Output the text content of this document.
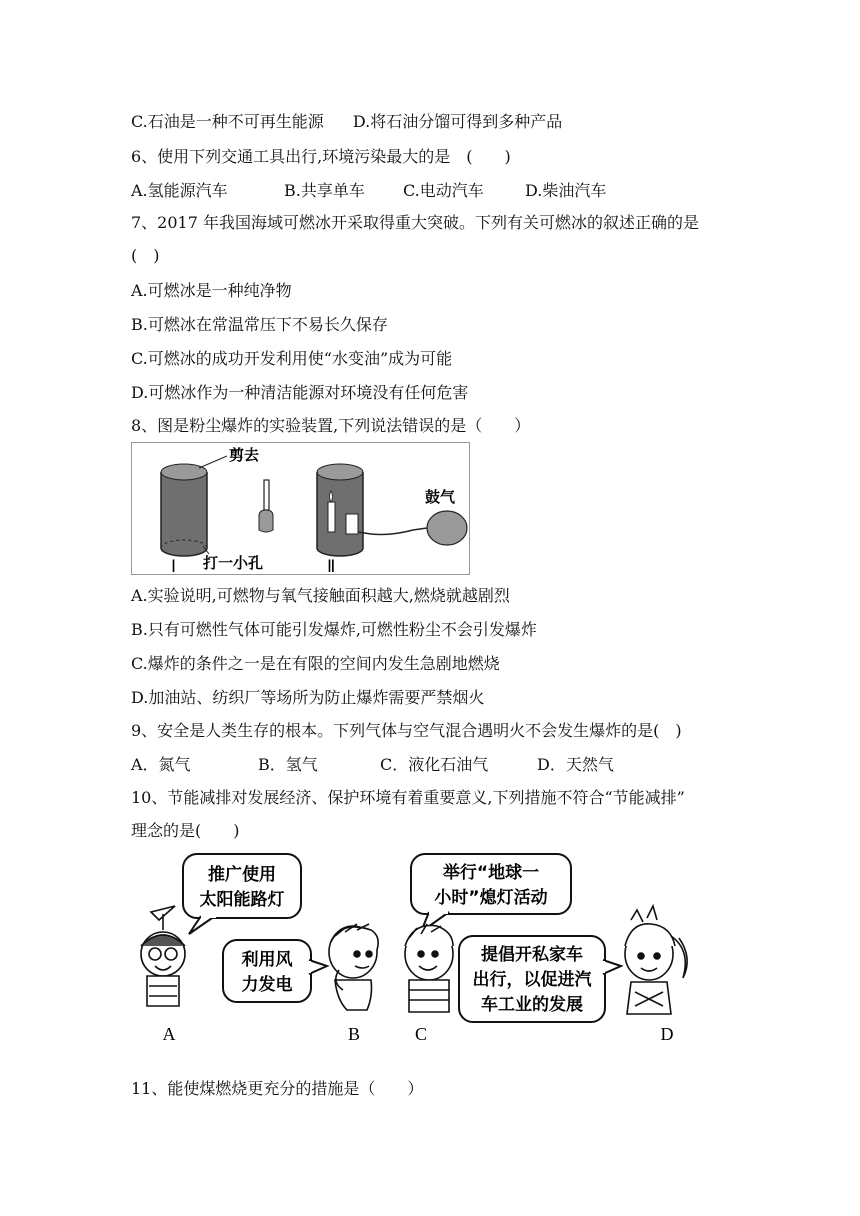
C.石油是一种不可再生能源 D.将石油分馏可得到多种产品
6、使用下列交通工具出行,环境污染最大的是　(　　)
A.氢能源汽车	B.共享单车 C.电动汽车	D.柴油汽车
7、2017 年我国海域可燃冰开采取得重大突破。下列有关可燃冰的叙述正确的是
(　)
A.可燃冰是一种纯净物
B.可燃冰在常温常压下不易长久保存
C.可燃冰的成功开发利用使“水变油”成为可能
D.可燃冰作为一种清洁能源对环境没有任何危害
8、图是粉尘爆炸的实验装置,下列说法错误的是（　　）
剪去
打一小孔
Ⅰ	Ⅱ
鼓气
A.实验说明,可燃物与氧气接触面积越大,燃烧就越剧烈
B.只有可燃性气体可能引发爆炸,可燃性粉尘不会引发爆炸
C.爆炸的条件之一是在有限的空间内发生急剧地燃烧
D.加油站、纺织厂等场所为防止爆炸需要严禁烟火
9、安全是人类生存的根本。下列气体与空气混合遇明火不会发生爆炸的是(　)
A．氮气	B．氢气	C．液化石油气	D．天然气
10、节能减排对发展经济、保护环境有着重要意义,下列措施不符合“节能减排”
理念的是(　　)
推广使用
太阳能路灯
利用风
力发电
举行“地球一
小时”熄灯活动
提倡开私家车
出行，以促进汽
车工业的发展
A	B	C	D
11、能使煤燃烧更充分的措施是（　　）
